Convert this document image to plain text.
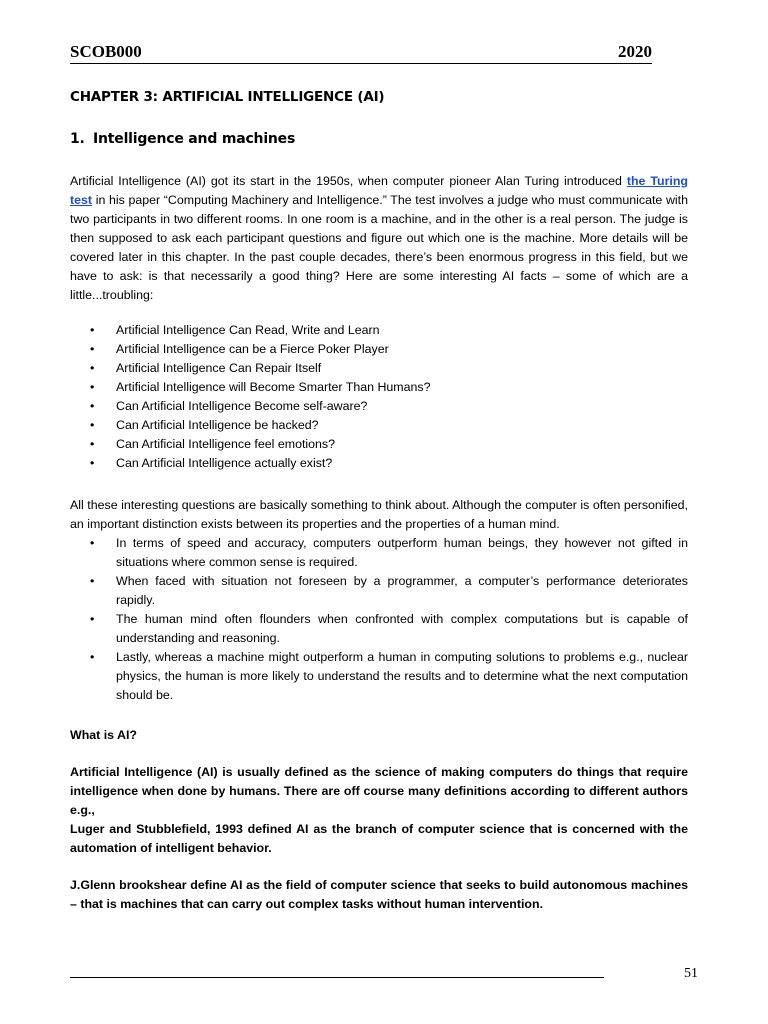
SCOB000	2020
CHAPTER 3: ARTIFICIAL INTELLIGENCE (AI)
1. Intelligence and machines

Artificial Intelligence (AI) got its start in the 1950s, when computer pioneer Alan Turing introduced the Turing test in his paper “Computing Machinery and Intelligence.” The test involves a judge who must communicate with two participants in two different rooms. In one room is a machine, and in the other is a real person. The judge is then supposed to ask each participant questions and figure out which one is the machine. More details will be covered later in this chapter. In the past couple decades, there’s been enormous progress in this field, but we have to ask: is that necessarily a good thing? Here are some interesting AI facts – some of which are a little...troubling:

• Artificial Intelligence Can Read, Write and Learn
• Artificial Intelligence can be a Fierce Poker Player
• Artificial Intelligence Can Repair Itself
• Artificial Intelligence will Become Smarter Than Humans?
• Can Artificial Intelligence Become self-aware?
• Can Artificial Intelligence be hacked?
• Can Artificial Intelligence feel emotions?
• Can Artificial Intelligence actually exist?

All these interesting questions are basically something to think about. Although the computer is often personified, an important distinction exists between its properties and the properties of a human mind.

• In terms of speed and accuracy, computers outperform human beings, they however not gifted in situations where common sense is required.
• When faced with situation not foreseen by a programmer, a computer’s performance deteriorates rapidly.
• The human mind often flounders when confronted with complex computations but is capable of understanding and reasoning.
• Lastly, whereas a machine might outperform a human in computing solutions to problems e.g., nuclear physics, the human is more likely to understand the results and to determine what the next computation should be.
What is AI?

Artificial Intelligence (AI) is usually defined as the science of making computers do things that require intelligence when done by humans. There are off course many definitions according to different authors e.g.,

Luger and Stubblefield, 1993 defined AI as the branch of computer science that is concerned with the automation of intelligent behavior.

J.Glenn brookshear define AI as the field of computer science that seeks to build autonomous machines – that is machines that can carry out complex tasks without human intervention.
51
